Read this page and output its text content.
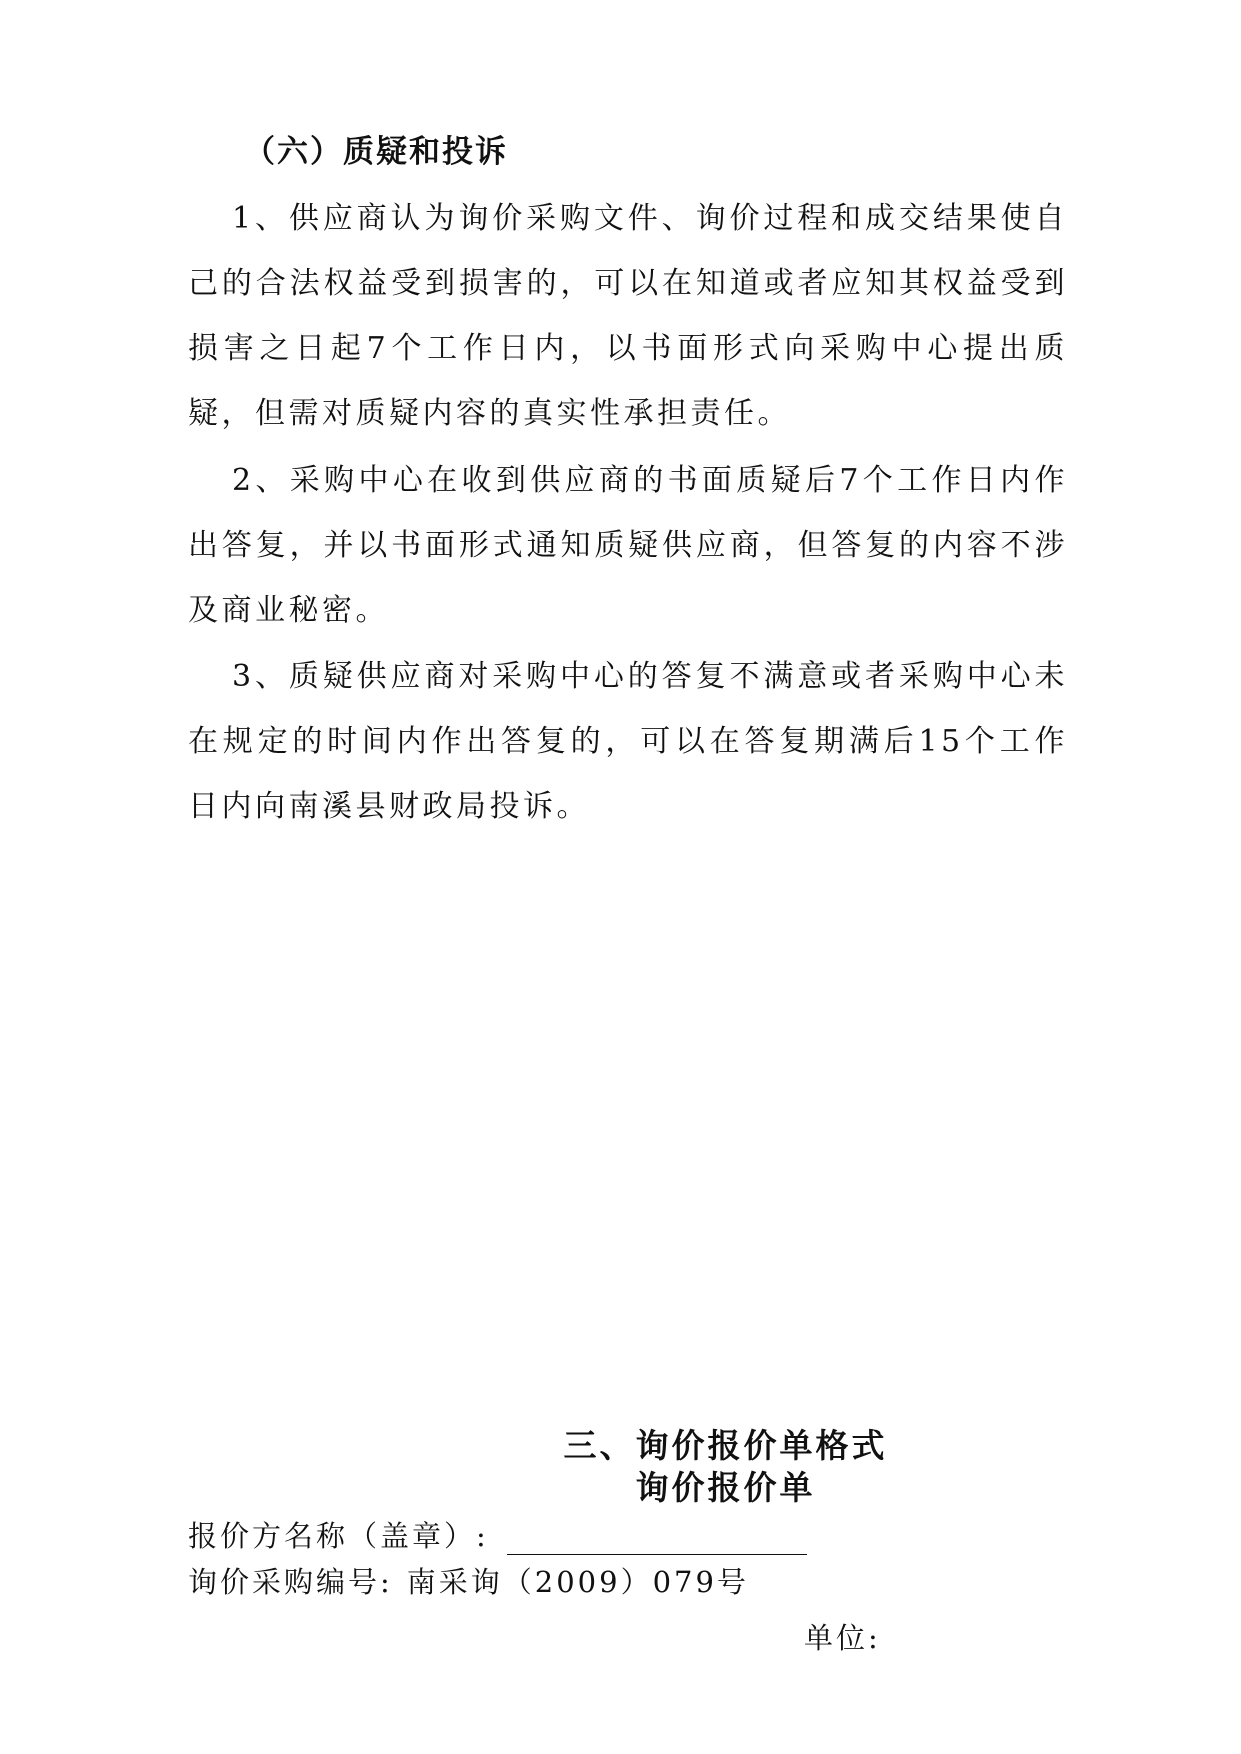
（六）质疑和投诉

1、供应商认为询价采购文件、询价过程和成交结果使自己的合法权益受到损害的，可以在知道或者应知其权益受到损害之日起7个工作日内，以书面形式向采购中心提出质疑，但需对质疑内容的真实性承担责任。

2、采购中心在收到供应商的书面质疑后7个工作日内作出答复，并以书面形式通知质疑供应商，但答复的内容不涉及商业秘密。

3、质疑供应商对采购中心的答复不满意或者采购中心未在规定的时间内作出答复的，可以在答复期满后15个工作日内向南溪县财政局投诉。

三、询价报价单格式
询价报价单
报价方名称（盖章）:
询价采购编号: 南采询（2009）079号
单位:
